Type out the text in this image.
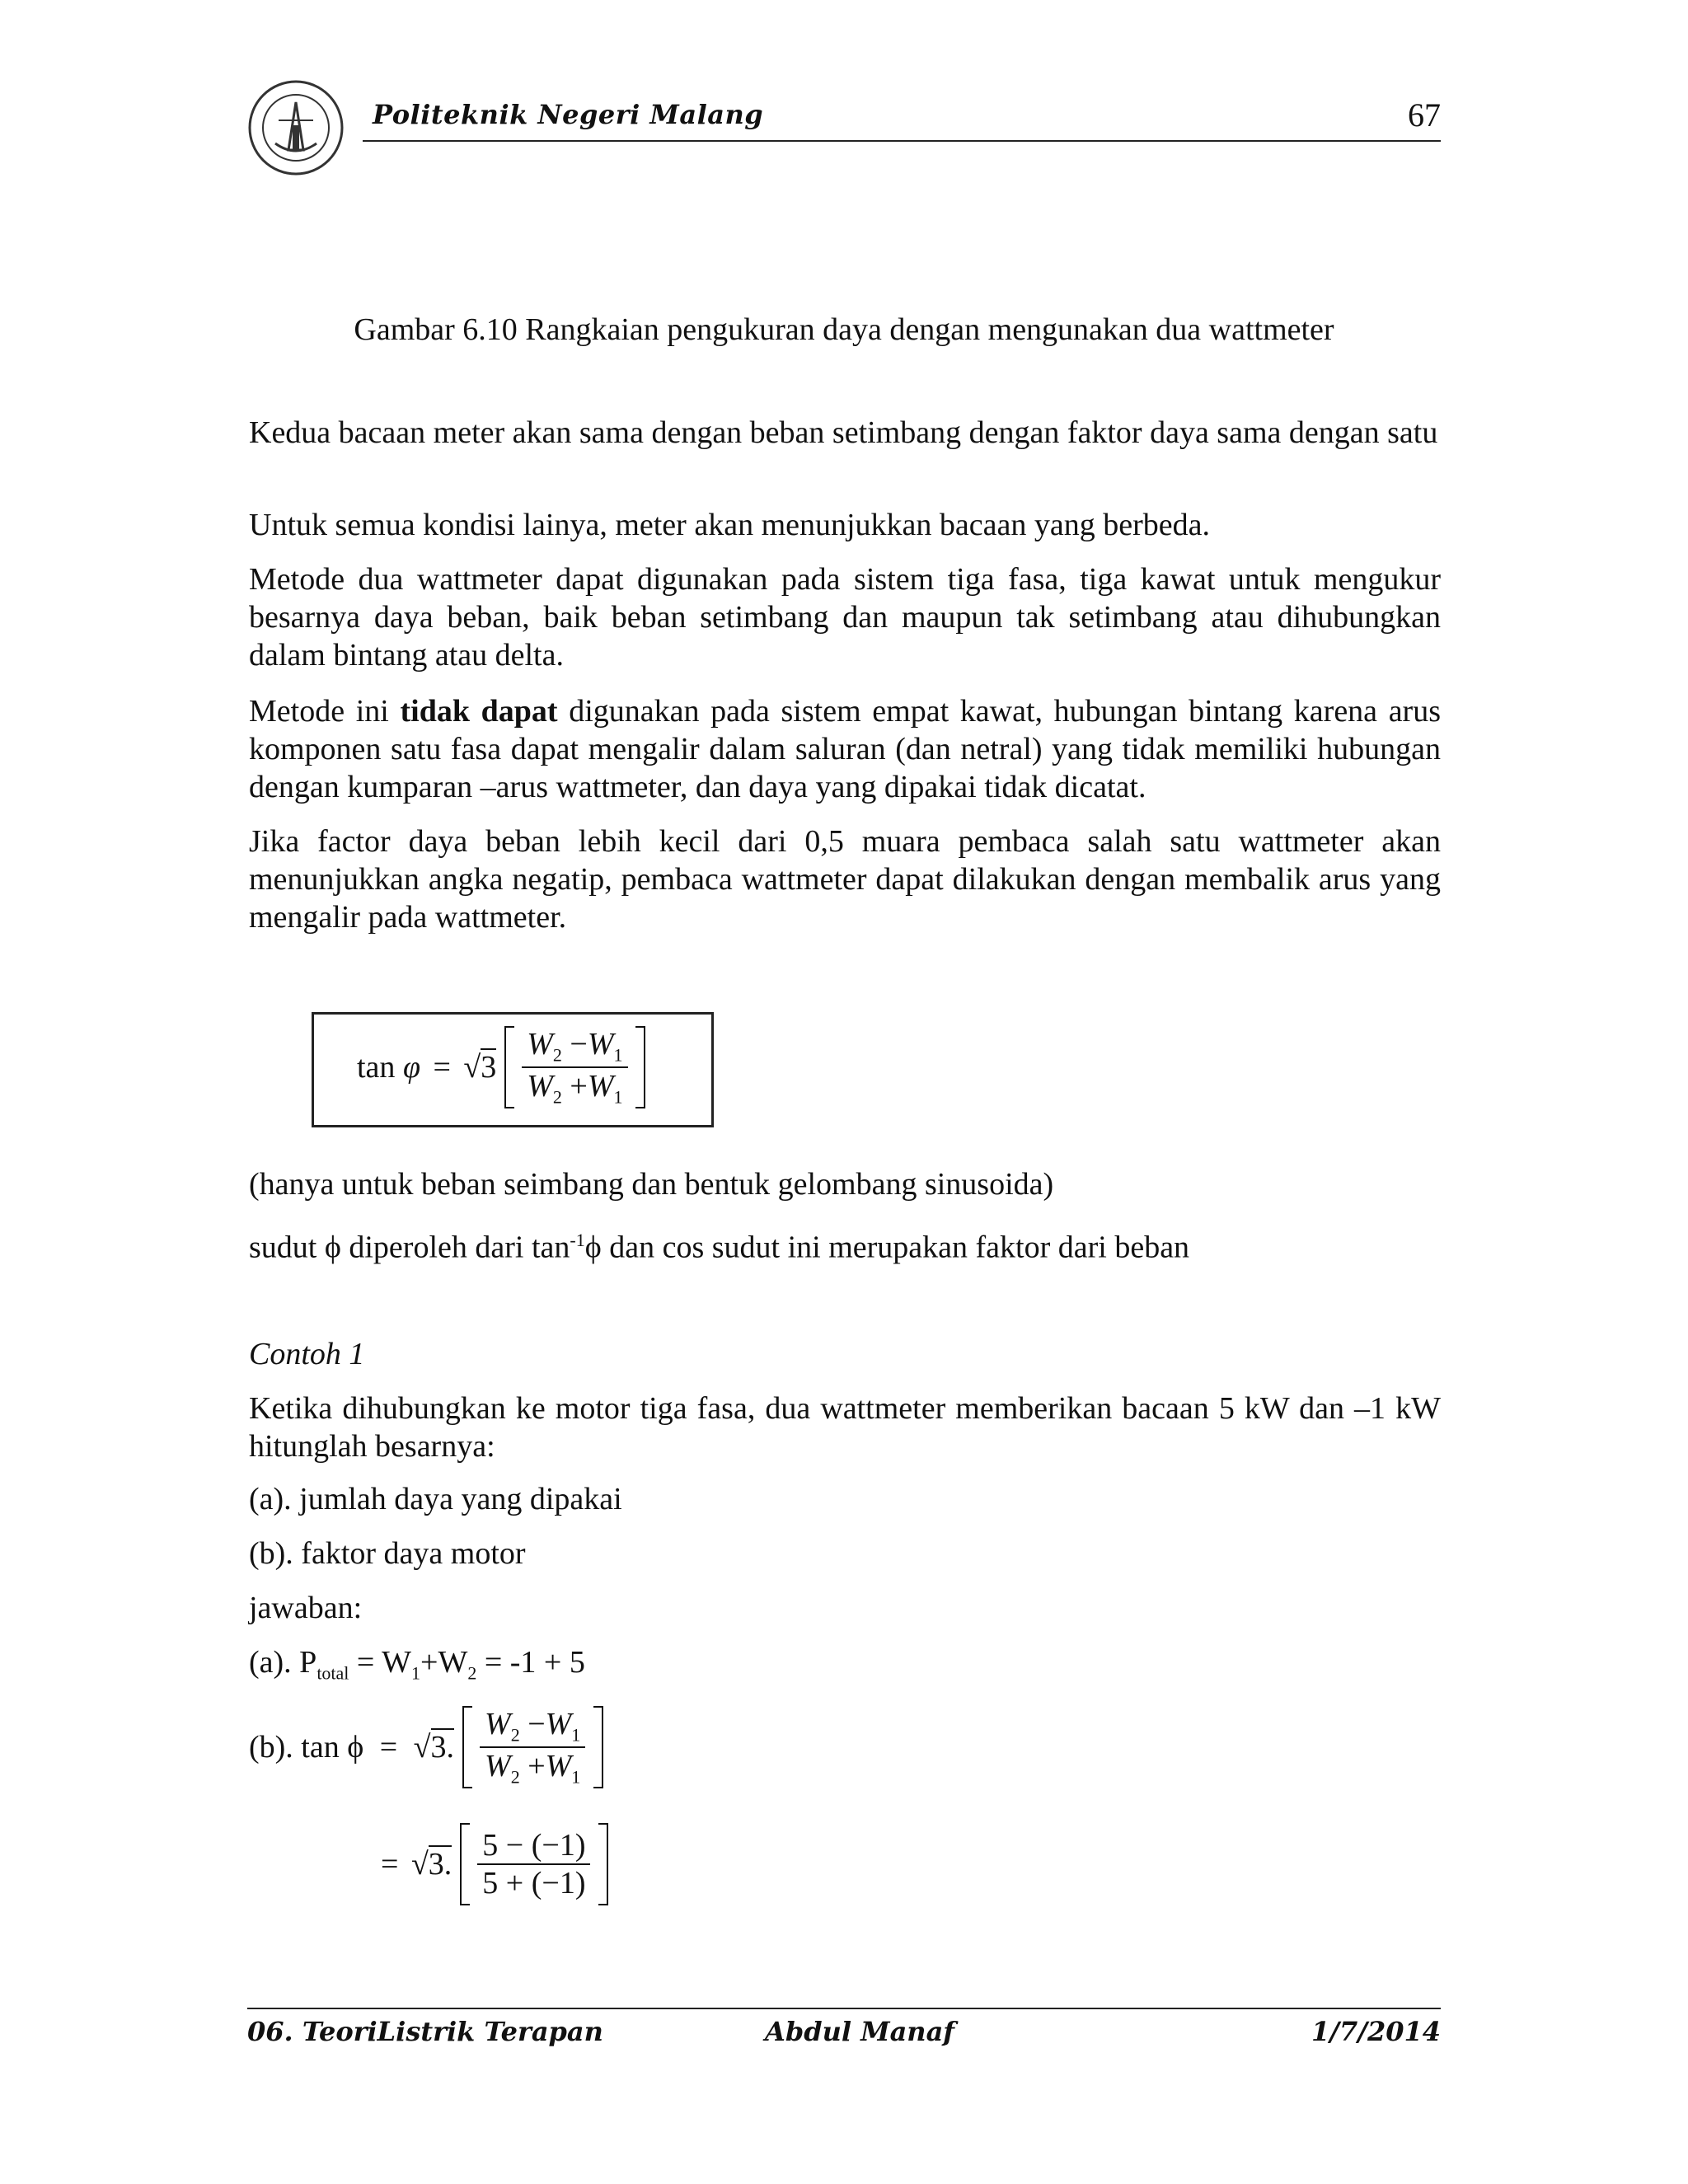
Politeknik Negeri Malang	67
Gambar 6.10 Rangkaian pengukuran daya dengan mengunakan dua wattmeter
Kedua bacaan meter akan sama dengan beban setimbang dengan faktor daya sama dengan satu
Untuk semua kondisi lainya, meter akan menunjukkan bacaan yang berbeda.
Metode dua wattmeter dapat digunakan pada sistem tiga fasa, tiga kawat untuk mengukur besarnya daya beban, baik beban setimbang dan maupun tak setimbang atau dihubungkan dalam bintang atau delta.
Metode ini tidak dapat digunakan pada sistem empat kawat, hubungan bintang karena arus komponen satu fasa dapat mengalir dalam saluran (dan netral) yang tidak memiliki hubungan dengan kumparan –arus wattmeter, dan daya yang dipakai tidak dicatat.
Jika factor daya beban lebih kecil dari 0,5 muara pembaca salah satu wattmeter akan menunjukkan angka negatip, pembaca wattmeter dapat dilakukan dengan membalik arus yang mengalir pada wattmeter.
$\tan \varphi = √3 \frac{W_2 -W_1}{W_2 +W_1}$

(hanya untuk beban seimbang dan bentuk gelombang sinusoida)
sudut ϕ diperoleh dari $\tan^{-1}\phi$ dan cos sudut ini merupakan faktor dari beban
Contoh 1
Ketika dihubungkan ke motor tiga fasa, dua wattmeter memberikan bacaan 5 kW dan –1 kW hitunglah besarnya:
(a). jumlah daya yang dipakai
(b). faktor daya motor
jawaban:
(a). $P_{total} = W_1+W_2 = -1 + 5$
(b). tan ϕ = √3. $\frac{W_2 -W_1}{W_2 +W_1}$

= √3. $\frac{5 - (-1)}{5 + (-1)}$

06. TeoriListrik Terapan	Abdul Manaf	1/7/2014
